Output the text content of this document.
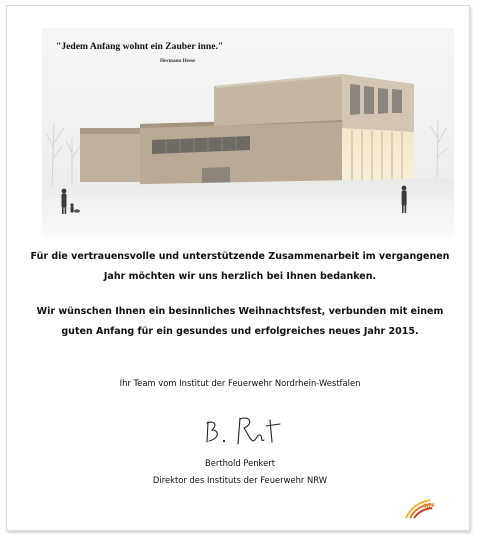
"Jedem Anfang wohnt ein Zauber inne."

Hermann Hesse

Für die vertrauensvolle und unterstützende Zusammenarbeit im vergangenen Jahr möchten wir uns herzlich bei Ihnen bedanken.

Wir wünschen Ihnen ein besinnliches Weihnachtsfest, verbunden mit einem guten Anfang für ein gesundes und erfolgreiches neues Jahr 2015.

Ihr Team vom Institut der Feuerwehr Nordrhein-Westfalen

Berthold Penkert

Direktor des Instituts der Feuerwehr NRW

IdF
